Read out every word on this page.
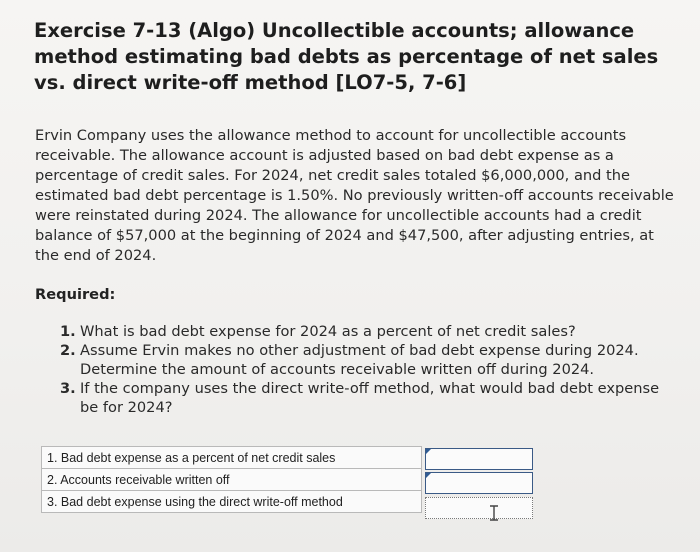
Exercise 7-13 (Algo) Uncollectible accounts; allowance method estimating bad debts as percentage of net sales vs. direct write-off method [LO7-5, 7-6]
Ervin Company uses the allowance method to account for uncollectible accounts receivable. The allowance account is adjusted based on bad debt expense as a percentage of credit sales. For 2024, net credit sales totaled $6,000,000, and the estimated bad debt percentage is 1.50%. No previously written-off accounts receivable were reinstated during 2024. The allowance for uncollectible accounts had a credit balance of $57,000 at the beginning of 2024 and $47,500, after adjusting entries, at the end of 2024.
Required:
1. What is bad debt expense for 2024 as a percent of net credit sales?
2. Assume Ervin makes no other adjustment of bad debt expense during 2024. Determine the amount of accounts receivable written off during 2024.
3. If the company uses the direct write-off method, what would bad debt expense be for 2024?
1. Bad debt expense as a percent of net credit sales
2. Accounts receivable written off
3. Bad debt expense using the direct write-off method
